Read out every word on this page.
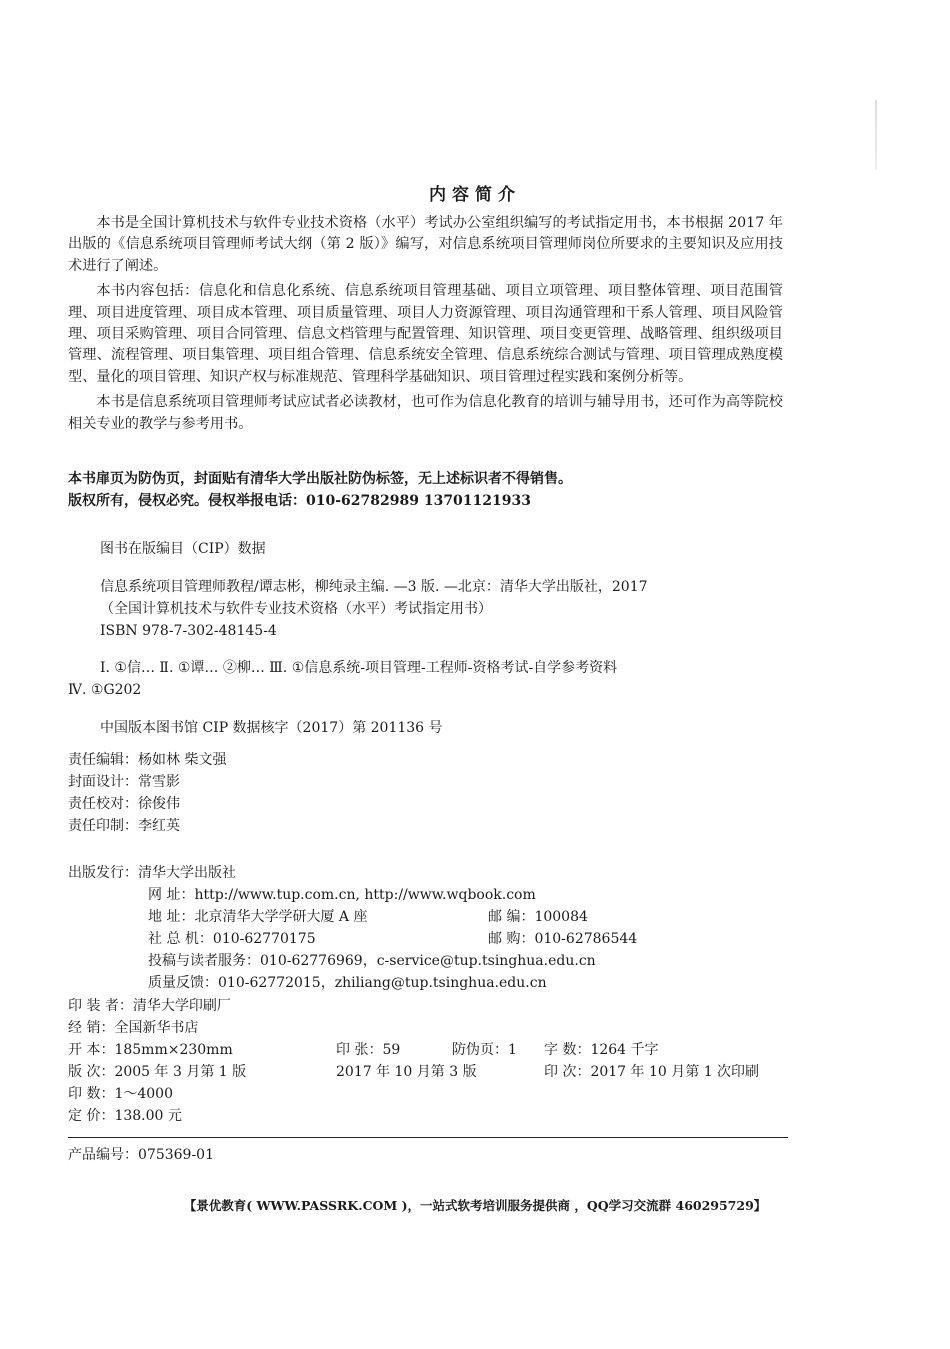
内容简介

本书是全国计算机技术与软件专业技术资格（水平）考试办公室组织编写的考试指定用书，本书根据 2017 年出版的《信息系统项目管理师考试大纲（第 2 版）》编写，对信息系统项目管理师岗位所要求的主要知识及应用技术进行了阐述。

本书内容包括：信息化和信息化系统、信息系统项目管理基础、项目立项管理、项目整体管理、项目范围管理、项目进度管理、项目成本管理、项目质量管理、项目人力资源管理、项目沟通管理和干系人管理、项目风险管理、项目采购管理、项目合同管理、信息文档管理与配置管理、知识管理、项目变更管理、战略管理、组织级项目管理、流程管理、项目集管理、项目组合管理、信息系统安全管理、信息系统综合测试与管理、项目管理成熟度模型、量化的项目管理、知识产权与标准规范、管理科学基础知识、项目管理过程实践和案例分析等。

本书是信息系统项目管理师考试应试者必读教材，也可作为信息化教育的培训与辅导用书，还可作为高等院校相关专业的教学与参考用书。

本书扉页为防伪页，封面贴有清华大学出版社防伪标签，无上述标识者不得销售。
版权所有，侵权必究。侵权举报电话：010-62782989 13701121933
图书在版编目（CIP）数据
信息系统项目管理师教程/谭志彬，柳纯录主编. —3 版. —北京：清华大学出版社，2017
（全国计算机技术与软件专业技术资格（水平）考试指定用书）
ISBN 978-7-302-48145-4
Ⅰ. ①信… Ⅱ. ①谭… ②柳… Ⅲ. ①信息系统-项目管理-工程师-资格考试-自学参考资料
Ⅳ. ①G202
中国版本图书馆 CIP 数据核字（2017）第 201136 号
责任编辑：杨如林 柴文强
封面设计：常雪影
责任校对：徐俊伟
责任印制：李红英
出版发行：清华大学出版社
网 址：http://www.tup.com.cn, http://www.wqbook.com
地 址：北京清华大学学研大厦 A 座	邮 编：100084
社 总 机：010-62770175	邮 购：010-62786544
投稿与读者服务：010-62776969，c-service@tup.tsinghua.edu.cn
质量反馈：010-62772015，zhiliang@tup.tsinghua.edu.cn
印 装 者：清华大学印刷厂
经 销：全国新华书店
开 本：185mm×230mm	印 张：59	防伪页：1 字 数：1264 千字
版 次：2005 年 3 月第 1 版	2017 年 10 月第 3 版	印 次：2017 年 10 月第 1 次印刷
印 数：1～4000
定 价：138.00 元
产品编号：075369-01
【景优教育( WWW.PASSRK.COM )，一站式软考培训服务提供商 ，QQ学习交流群 460295729】
